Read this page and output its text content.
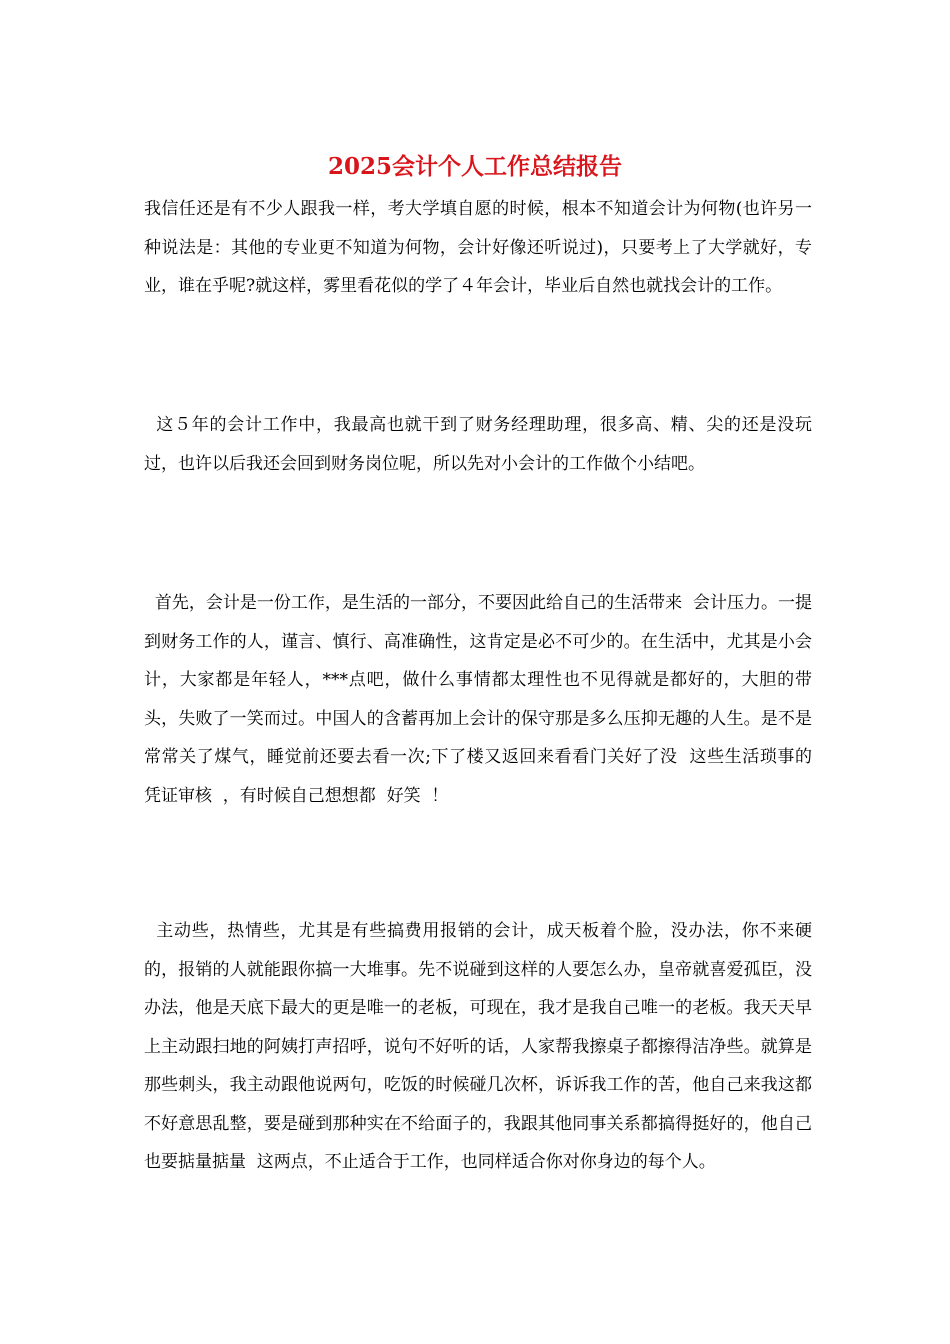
2025会计个人工作总结报告

我信任还是有不少人跟我一样，考大学填自愿的时候，根本不知道会计为何物(也许另一种说法是：其他的专业更不知道为何物，会计好像还听说过)，只要考上了大学就好，专业，谁在乎呢?就这样，雾里看花似的学了４年会计，毕业后自然也就找会计的工作。

这５年的会计工作中，我最高也就干到了财务经理助理，很多高、精、尖的还是没玩过，也许以后我还会回到财务岗位呢，所以先对小会计的工作做个小结吧。

首先，会计是一份工作，是生活的一部分，不要因此给自己的生活带来  会计压力。一提到财务工作的人，谨言、慎行、高准确性，这肯定是必不可少的。在生活中，尤其是小会计，大家都是年轻人，***点吧，做什么事情都太理性也不见得就是都好的，大胆的带头，失败了一笑而过。中国人的含蓄再加上会计的保守那是多么压抑无趣的人生。是不是常常关了煤气，睡觉前还要去看一次;下了楼又返回来看看门关好了没  这些生活琐事的  凭证审核  ，有时候自己想想都  好笑  ！

主动些，热情些，尤其是有些搞费用报销的会计，成天板着个脸，没办法，你不来硬的，报销的人就能跟你搞一大堆事。先不说碰到这样的人要怎么办，皇帝就喜爱孤臣，没办法，他是天底下最大的更是唯一的老板，可现在，我才是我自己唯一的老板。我天天早上主动跟扫地的阿姨打声招呼，说句不好听的话，人家帮我擦桌子都擦得洁净些。就算是那些刺头，我主动跟他说两句，吃饭的时候碰几次杯，诉诉我工作的苦，他自己来我这都不好意思乱整，要是碰到那种实在不给面子的，我跟其他同事关系都搞得挺好的，他自己也要掂量掂量  这两点，不止适合于工作，也同样适合你对你身边的每个人。
